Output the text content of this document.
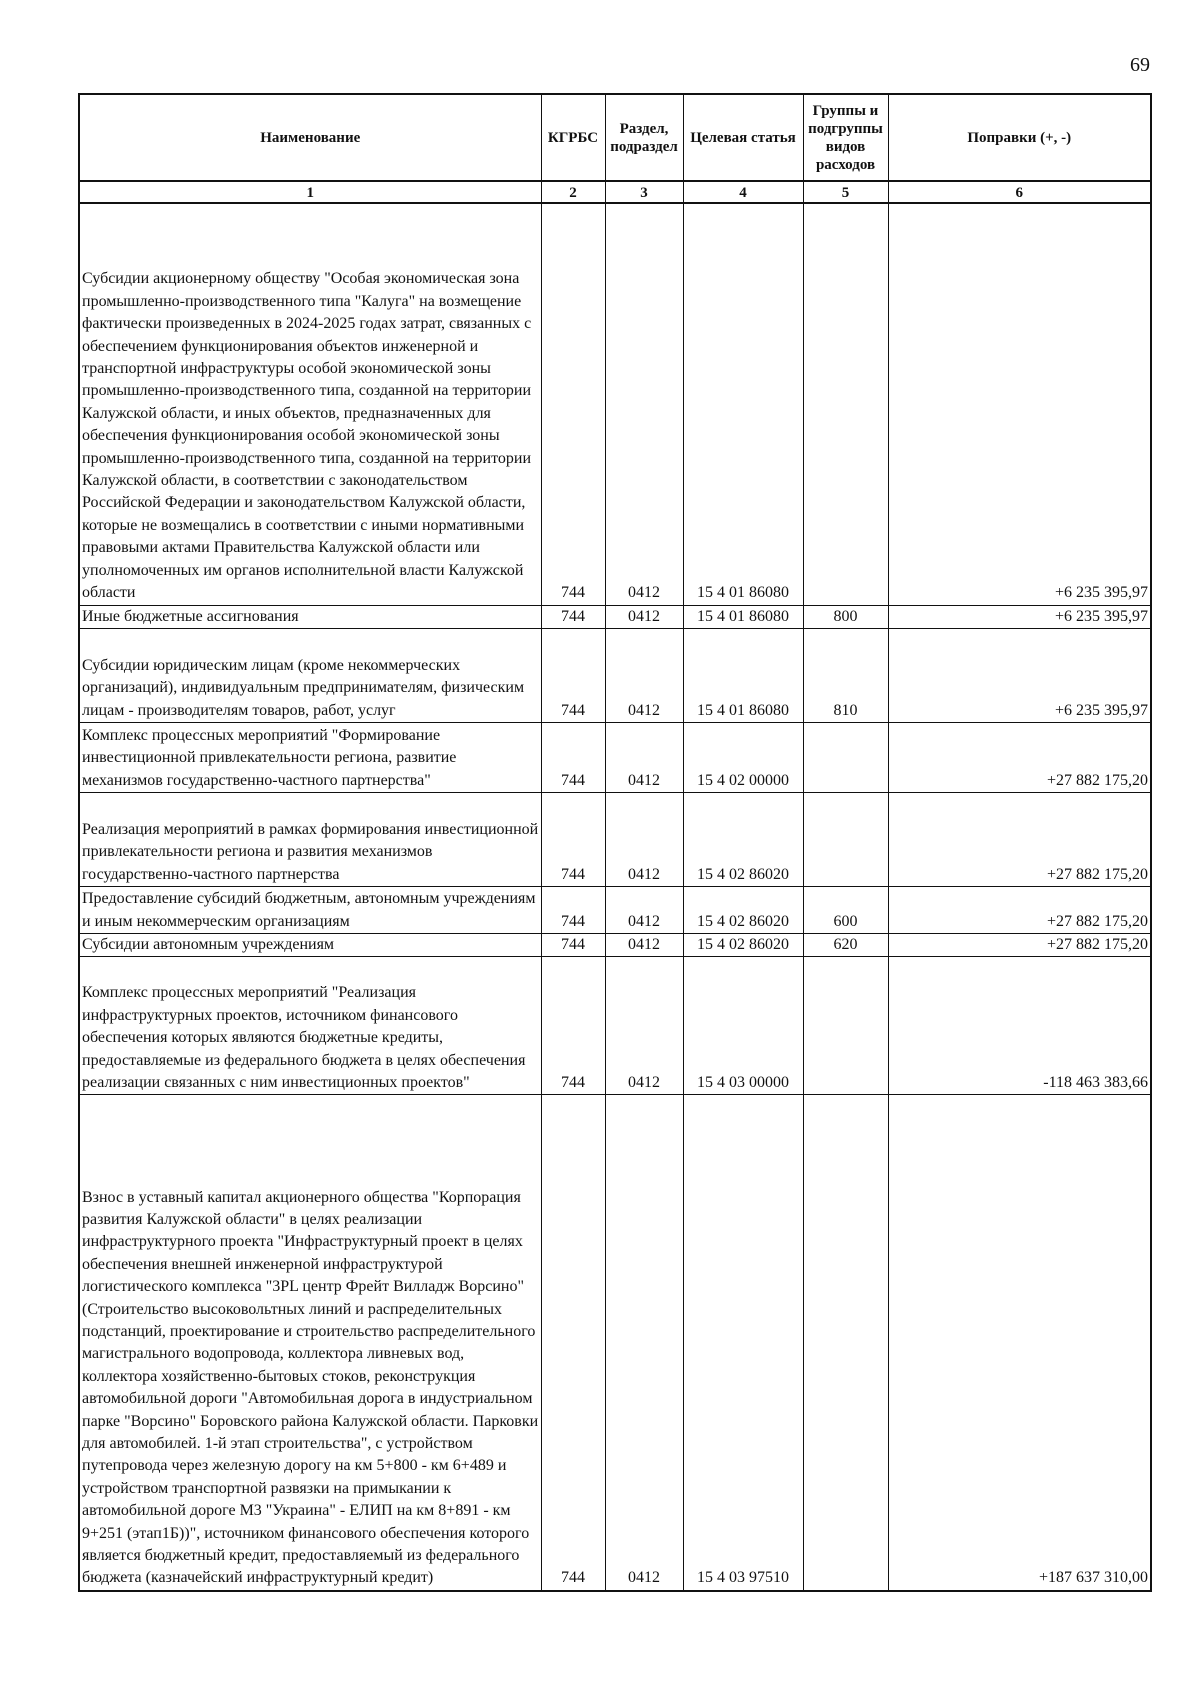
69
Наименование	КГРБС	Раздел, подраздел	Целевая статья	Группы и подгруппы видов расходов	Поправки (+, -)
1	2	3	4	5	6
Субсидии акционерному обществу "Особая экономическая зона промышленно-производственного типа "Калуга" на возмещение фактически произведенных в 2024-2025 годах затрат, связанных с обеспечением функционирования объектов инженерной и транспортной инфраструктуры особой экономической зоны промышленно-производственного типа, созданной на территории Калужской области, и иных объектов, предназначенных для обеспечения функционирования особой экономической зоны промышленно-производственного типа, созданной на территории Калужской области, в соответствии с законодательством Российской Федерации и законодательством Калужской области, которые не возмещались в соответствии с иными нормативными правовыми актами Правительства Калужской области или уполномоченных им органов исполнительной власти Калужской области	744	0412	15 4 01 86080		+6 235 395,97
Иные бюджетные ассигнования	744	0412	15 4 01 86080	800	+6 235 395,97
Субсидии юридическим лицам (кроме некоммерческих организаций), индивидуальным предпринимателям, физическим лицам - производителям товаров, работ, услуг	744	0412	15 4 01 86080	810	+6 235 395,97
Комплекс процессных мероприятий "Формирование инвестиционной привлекательности региона, развитие механизмов государственно-частного партнерства"	744	0412	15 4 02 00000		+27 882 175,20
Реализация мероприятий в рамках формирования инвестиционной привлекательности региона и развития механизмов государственно-частного партнерства	744	0412	15 4 02 86020		+27 882 175,20
Предоставление субсидий бюджетным, автономным учреждениям и иным некоммерческим организациям	744	0412	15 4 02 86020	600	+27 882 175,20
Субсидии автономным учреждениям	744	0412	15 4 02 86020	620	+27 882 175,20
Комплекс процессных мероприятий "Реализация инфраструктурных проектов, источником финансового обеспечения которых являются бюджетные кредиты, предоставляемые из федерального бюджета в целях обеспечения реализации связанных с ним инвестиционных проектов"	744	0412	15 4 03 00000		-118 463 383,66
Взнос в уставный капитал акционерного общества "Корпорация развития Калужской области" в целях реализации инфраструктурного проекта "Инфраструктурный проект в целях обеспечения внешней инженерной инфраструктурой логистического комплекса "3PL центр Фрейт Вилладж Ворсино" (Строительство высоковольтных линий и распределительных подстанций, проектирование и строительство распределительного магистрального водопровода, коллектора ливневых вод, коллектора хозяйственно-бытовых стоков, реконструкция автомобильной дороги "Автомобильная дорога в индустриальном парке "Ворсино" Боровского района Калужской области. Парковки для автомобилей. 1-й этап строительства", с устройством путепровода через железную дорогу на км 5+800 - км 6+489 и устройством транспортной развязки на примыкании к автомобильной дороге М3 "Украина" - ЕЛИП на км 8+891 - км 9+251 (этап1Б))", источником финансового обеспечения которого является бюджетный кредит, предоставляемый из федерального бюджета (казначейский инфраструктурный кредит)	744	0412	15 4 03 97510		+187 637 310,00
